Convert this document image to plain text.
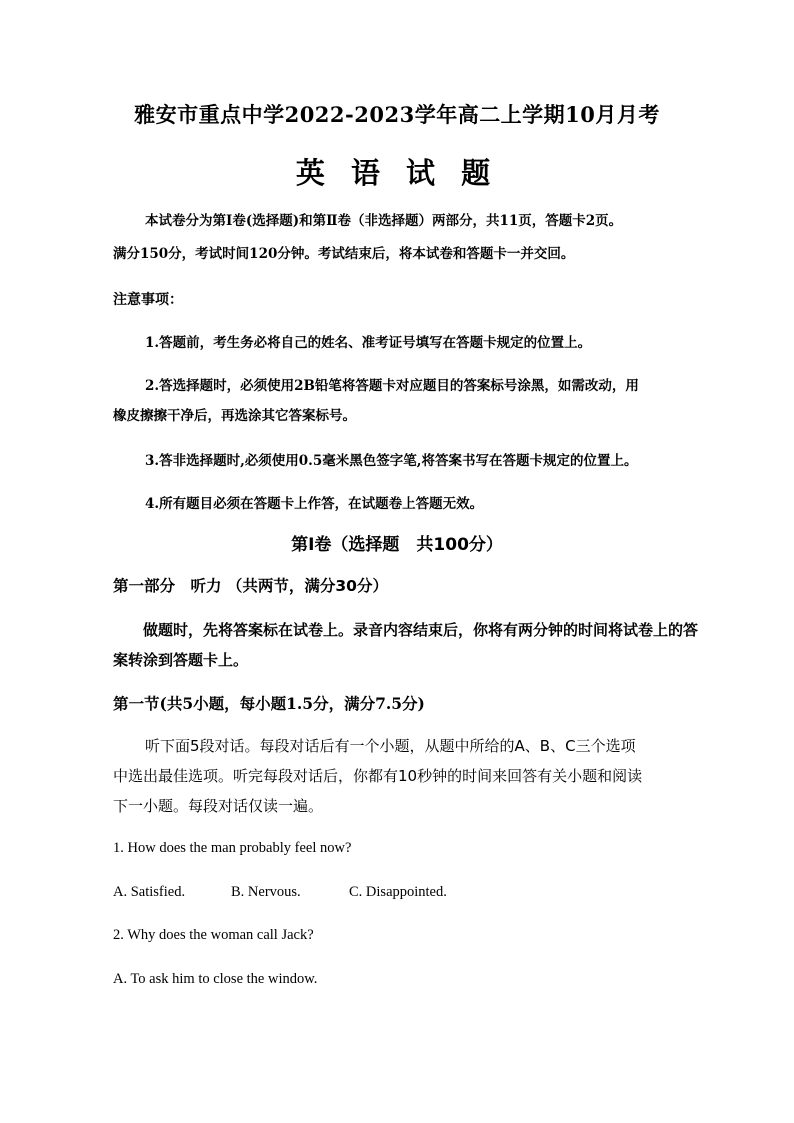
雅安市重点中学2022-2023学年高二上学期10月月考
英 语 试 题
本试卷分为第Ⅰ卷(选择题)和第Ⅱ卷（非选择题）两部分，共11页，答题卡2页。
满分150分，考试时间120分钟。考试结束后，将本试卷和答题卡一并交回。
注意事项：
1.答题前，考生务必将自己的姓名、准考证号填写在答题卡规定的位置上。
2.答选择题时，必须使用2B铅笔将答题卡对应题目的答案标号涂黑，如需改动，用
橡皮擦擦干净后，再选涂其它答案标号。
3.答非选择题时,必须使用0.5毫米黑色签字笔,将答案书写在答题卡规定的位置上。
4.所有题目必须在答题卡上作答，在试题卷上答题无效。
第Ⅰ卷（选择题　共100分）
第一部分　听力 （共两节，满分30分）
做题时，先将答案标在试卷上。录音内容结束后，你将有两分钟的时间将试卷上的答
案转涂到答题卡上。
第一节(共5小题，每小题1.5分，满分7.5分)
听下面5段对话。每段对话后有一个小题，从题中所给的A、B、C三个选项
中选出最佳选项。听完每段对话后，你都有10秒钟的时间来回答有关小题和阅读
下一小题。每段对话仅读一遍。
1. How does the man probably feel now?
A. Satisfied.	B. Nervous.	C. Disappointed.
2. Why does the woman call Jack?
A. To ask him to close the window.
